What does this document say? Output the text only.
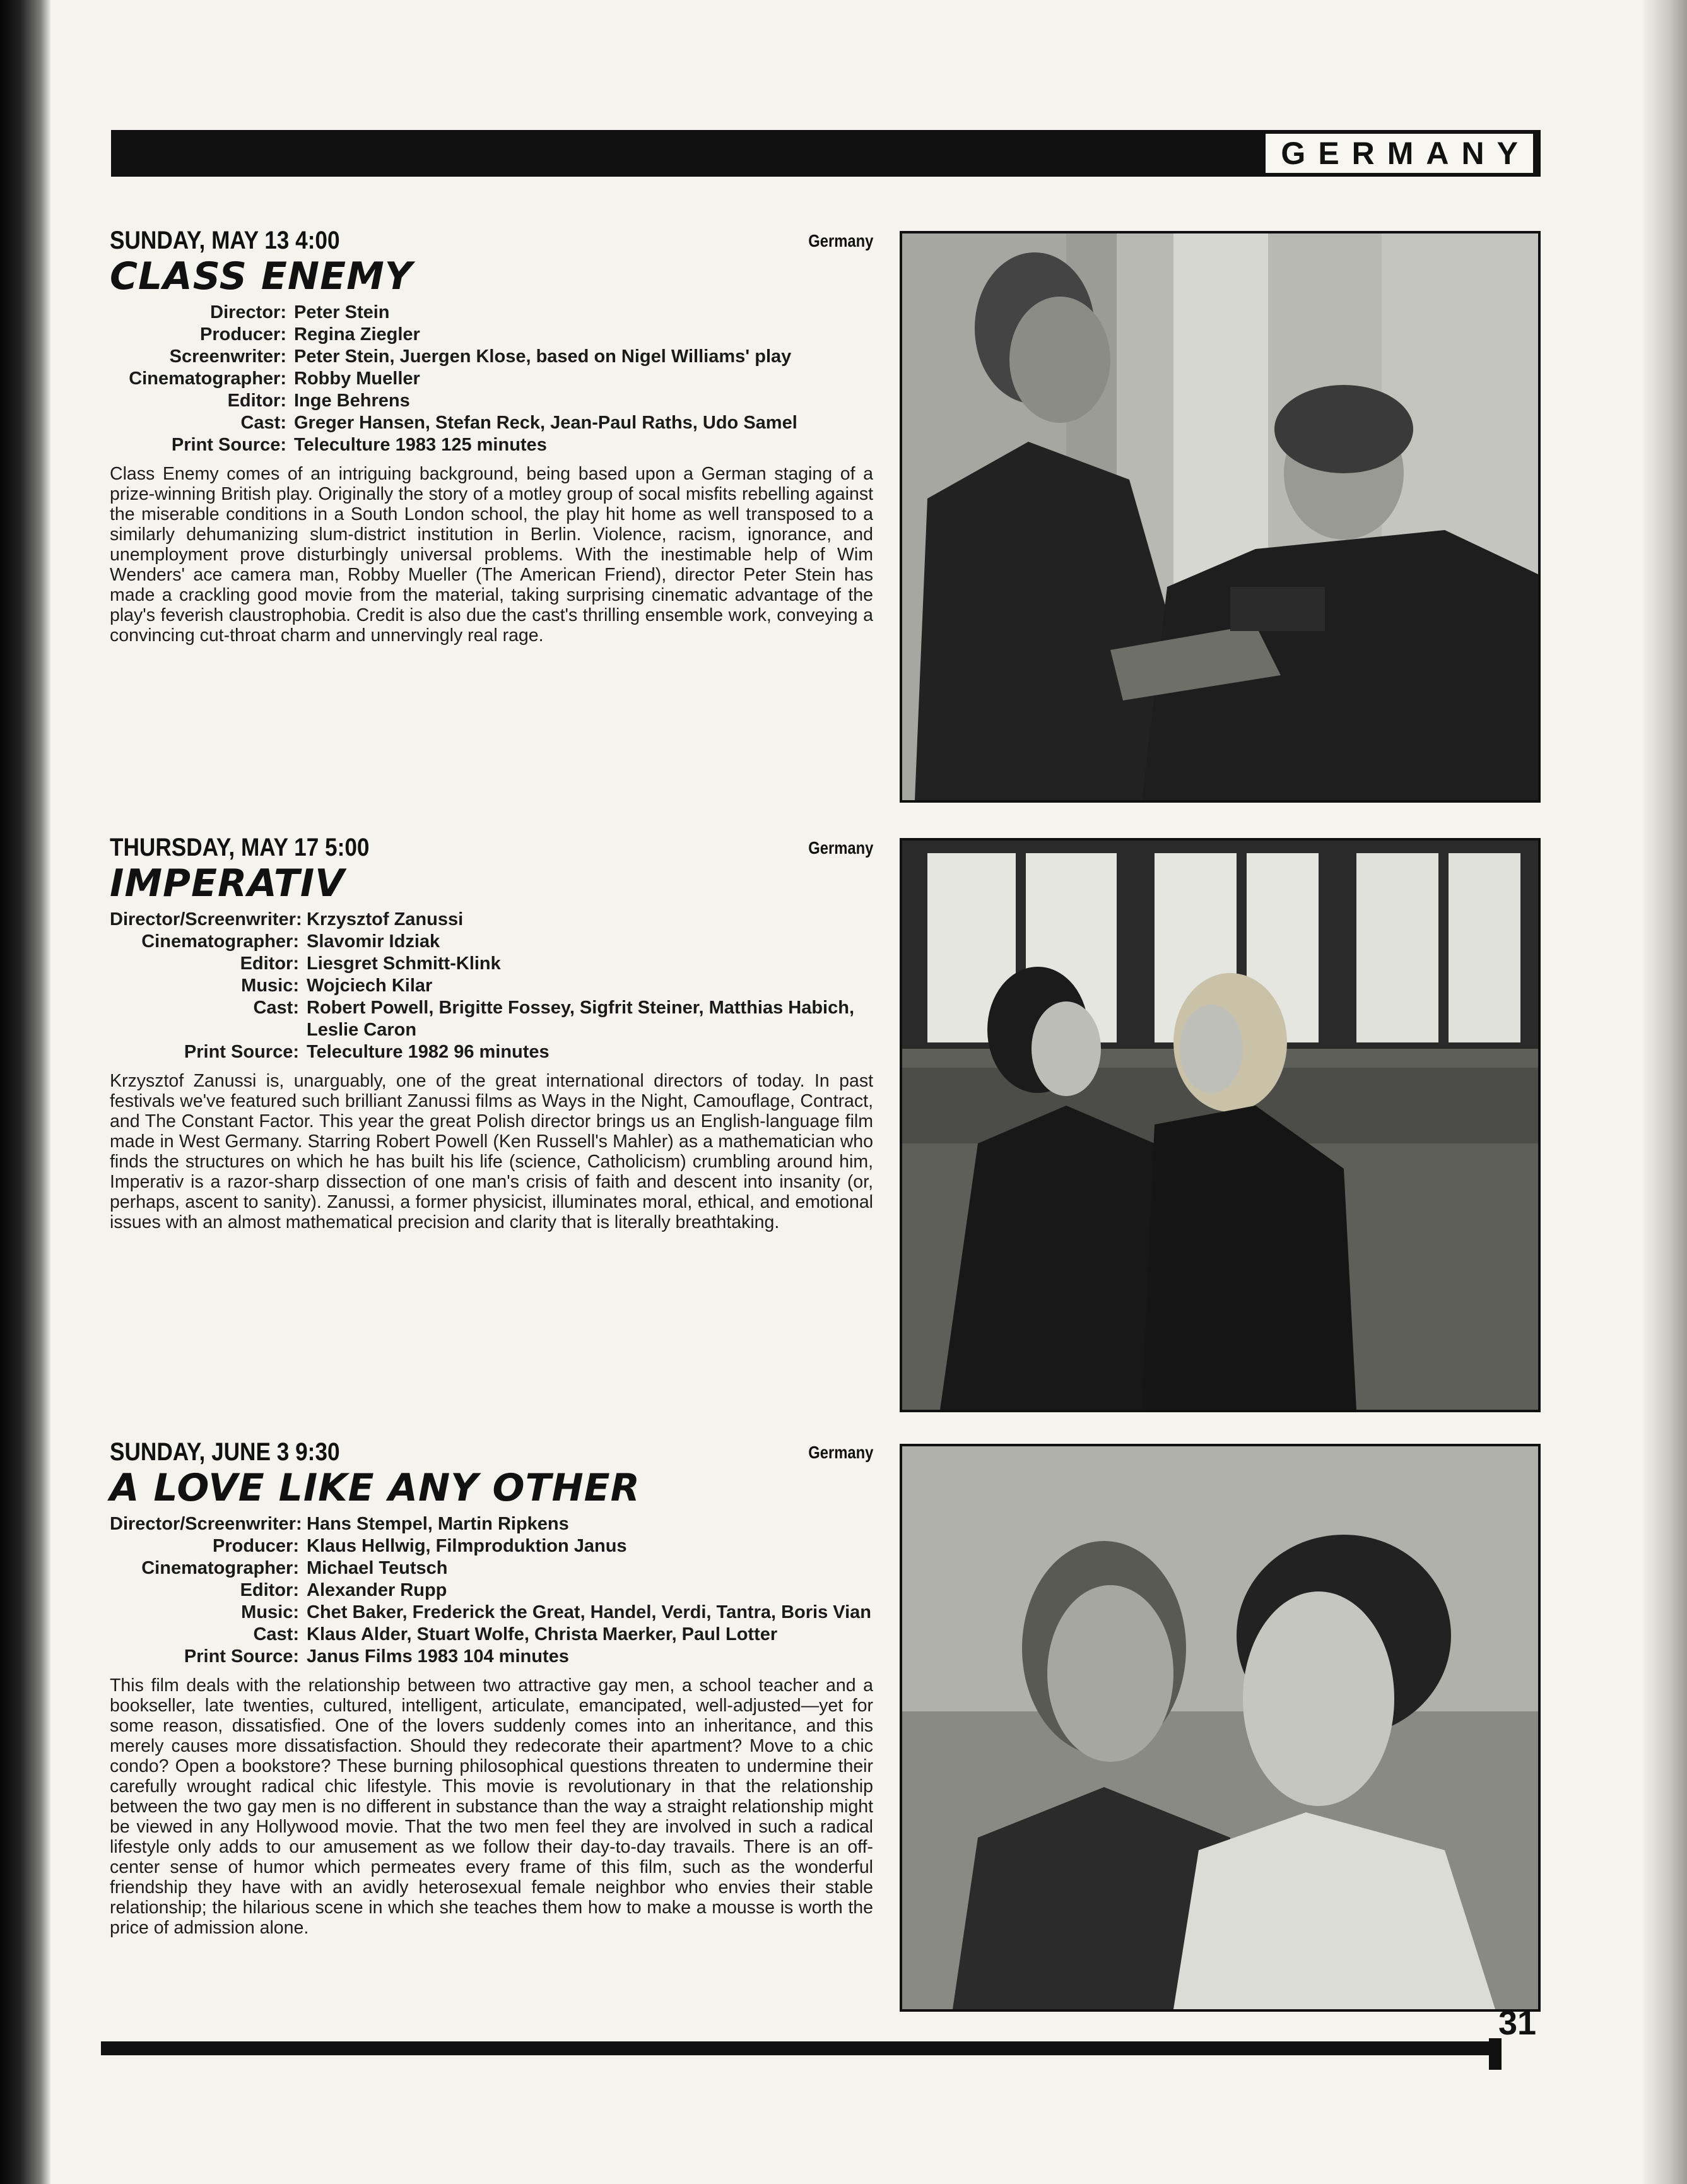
GERMANY
SUNDAY, MAY 13 4:00	Germany
CLASS ENEMY
Director: Peter Stein
Producer: Regina Ziegler
Screenwriter: Peter Stein, Juergen Klose, based on Nigel Williams' play
Cinematographer: Robby Mueller
Editor: Inge Behrens
Cast: Greger Hansen, Stefan Reck, Jean-Paul Raths, Udo Samel
Print Source: Teleculture 1983 125 minutes
Class Enemy comes of an intriguing background, being based upon a German staging of a prize-winning British play. Originally the story of a motley group of socal misfits rebelling against the miserable conditions in a South London school, the play hit home as well transposed to a similarly dehumanizing slum-district institution in Berlin. Violence, racism, ignorance, and unemployment prove disturbingly universal problems. With the inestimable help of Wim Wenders' ace camera man, Robby Mueller (The American Friend), director Peter Stein has made a crackling good movie from the material, taking surprising cinematic advantage of the play's feverish claustrophobia. Credit is also due the cast's thrilling ensemble work, conveying a convincing cut-throat charm and unnervingly real rage.
THURSDAY, MAY 17 5:00	Germany
IMPERATIV
Director/Screenwriter: Krzysztof Zanussi
Cinematographer: Slavomir Idziak
Editor: Liesgret Schmitt-Klink
Music: Wojciech Kilar
Cast: Robert Powell, Brigitte Fossey, Sigfrit Steiner, Matthias Habich, Leslie Caron
Print Source: Teleculture 1982 96 minutes
Krzysztof Zanussi is, unarguably, one of the great international directors of today. In past festivals we've featured such brilliant Zanussi films as Ways in the Night, Camouflage, Contract, and The Constant Factor. This year the great Polish director brings us an English-language film made in West Germany. Starring Robert Powell (Ken Russell's Mahler) as a mathematician who finds the structures on which he has built his life (science, Catholicism) crumbling around him, Imperativ is a razor-sharp dissection of one man's crisis of faith and descent into insanity (or, perhaps, ascent to sanity). Zanussi, a former physicist, illuminates moral, ethical, and emotional issues with an almost mathematical precision and clarity that is literally breathtaking.
SUNDAY, JUNE 3 9:30	Germany
A LOVE LIKE ANY OTHER
Director/Screenwriter: Hans Stempel, Martin Ripkens
Producer: Klaus Hellwig, Filmproduktion Janus
Cinematographer: Michael Teutsch
Editor: Alexander Rupp
Music: Chet Baker, Frederick the Great, Handel, Verdi, Tantra, Boris Vian
Cast: Klaus Alder, Stuart Wolfe, Christa Maerker, Paul Lotter
Print Source: Janus Films 1983 104 minutes
This film deals with the relationship between two attractive gay men, a school teacher and a bookseller, late twenties, cultured, intelligent, articulate, emancipated, well-adjusted—yet for some reason, dissatisfied. One of the lovers suddenly comes into an inheritance, and this merely causes more dissatisfaction. Should they redecorate their apartment? Move to a chic condo? Open a bookstore? These burning philosophical questions threaten to undermine their carefully wrought radical chic lifestyle. This movie is revolutionary in that the relationship between the two gay men is no different in substance than the way a straight relationship might be viewed in any Hollywood movie. That the two men feel they are involved in such a radical lifestyle only adds to our amusement as we follow their day-to-day travails. There is an off-center sense of humor which permeates every frame of this film, such as the wonderful friendship they have with an avidly heterosexual female neighbor who envies their stable relationship; the hilarious scene in which she teaches them how to make a mousse is worth the price of admission alone.
31
